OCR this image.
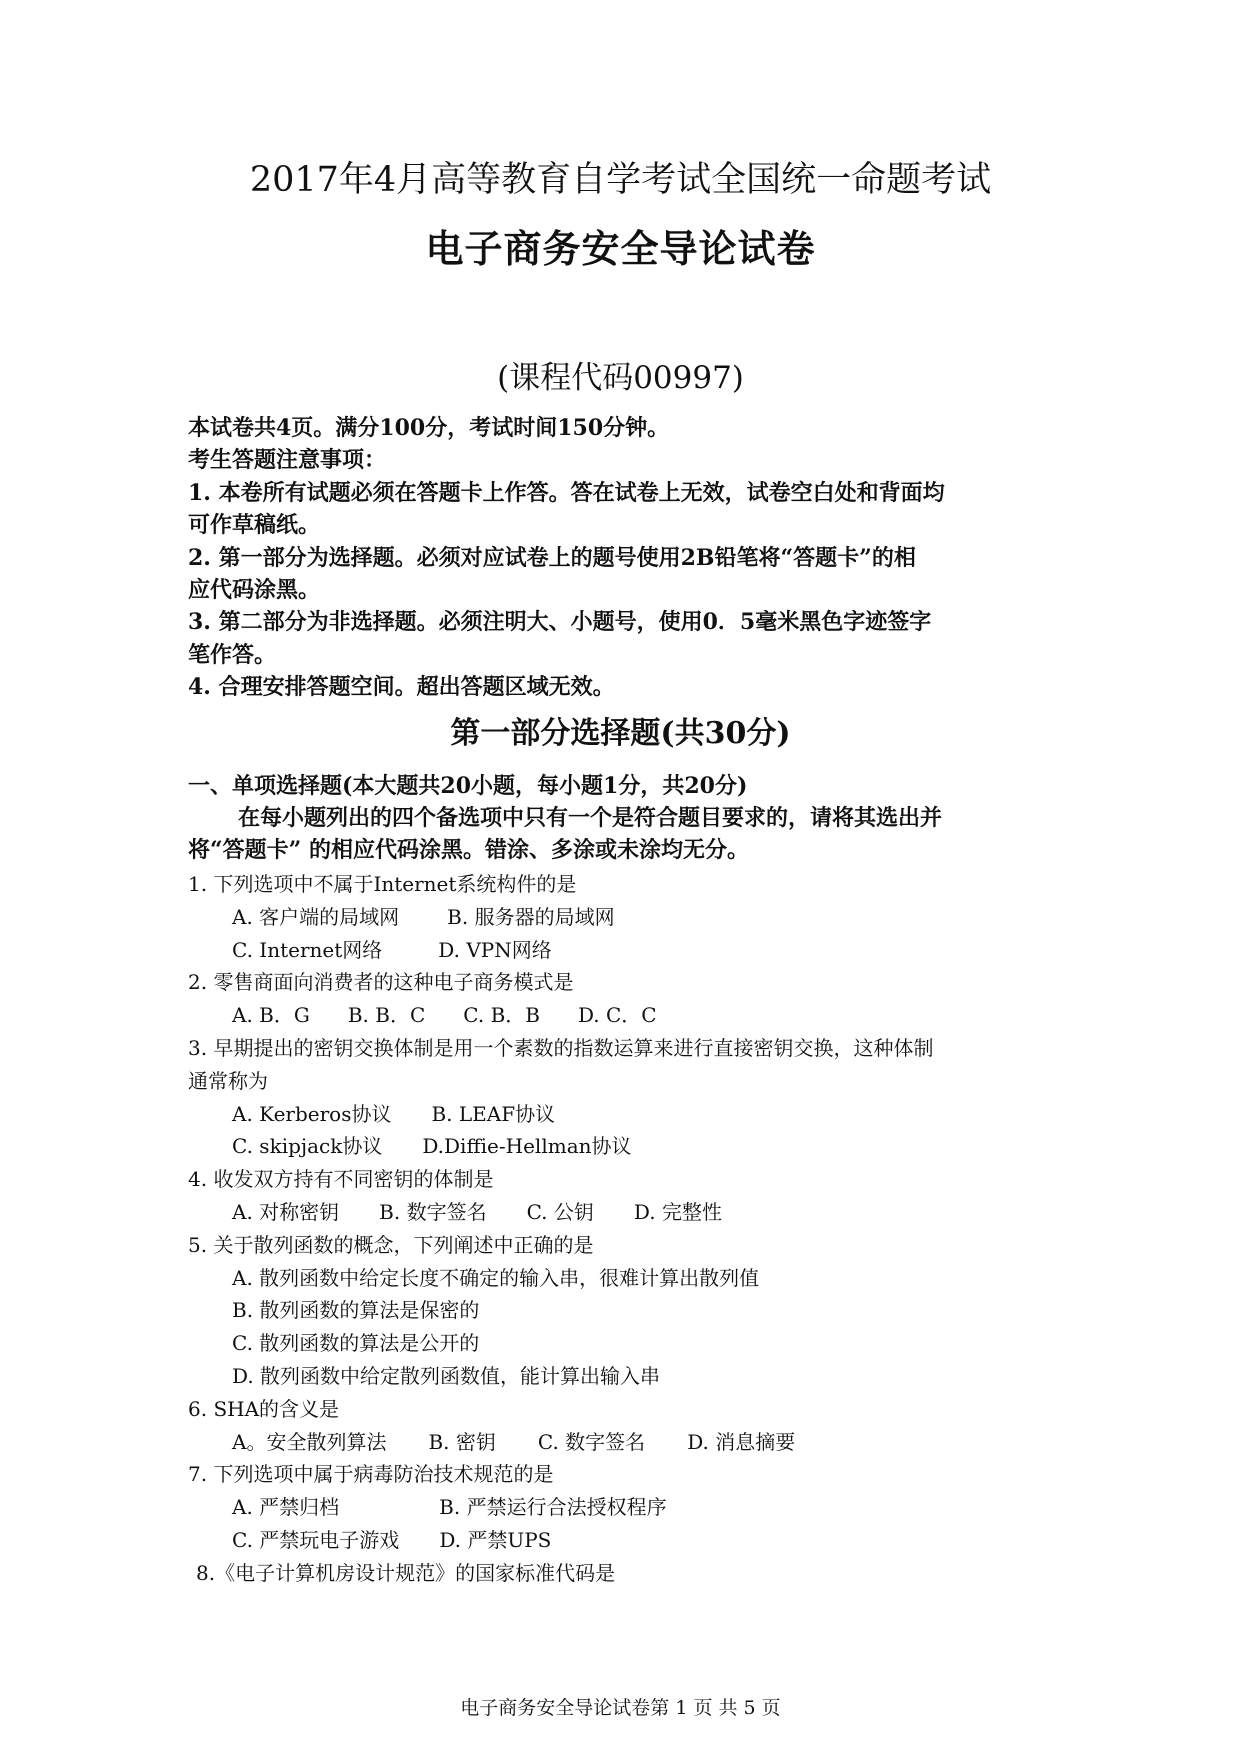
2017年4月高等教育自学考试全国统一命题考试
电子商务安全导论试卷
(课程代码00997)
本试卷共4页。满分100分，考试时间150分钟。
考生答题注意事项：
1. 本卷所有试题必须在答题卡上作答。答在试卷上无效，试卷空白处和背面均
可作草稿纸。
2. 第一部分为选择题。必须对应试卷上的题号使用2B铅笔将“答题卡”的相
应代码涂黑。
3. 第二部分为非选择题。必须注明大、小题号，使用0．5毫米黑色字迹签字
笔作答。
4. 合理安排答题空间。超出答题区域无效。
第一部分选择题(共30分)
一、单项选择题(本大题共20小题，每小题1分，共20分)
在每小题列出的四个备选项中只有一个是符合题目要求的，请将其选出并
将“答题卡” 的相应代码涂黑。错涂、多涂或未涂均无分。
1. 下列选项中不属于Internet系统构件的是
A. 客户端的局域网 B. 服务器的局域网
C. Internet网络	D. VPN网络
2. 零售商面向消费者的这种电子商务模式是
A. B．G B. B．C C. B．B D. C．C
3. 早期提出的密钥交换体制是用一个素数的指数运算来进行直接密钥交换，这种体制
通常称为
A. Kerberos协议 B. LEAF协议
C. skipjack协议 D.Diffie-Hellman协议
4. 收发双方持有不同密钥的体制是
A. 对称密钥 B. 数字签名 C. 公钥 D. 完整性
5. 关于散列函数的概念，下列阐述中正确的是
A. 散列函数中给定长度不确定的输入串，很难计算出散列值
B. 散列函数的算法是保密的
C. 散列函数的算法是公开的
D. 散列函数中给定散列函数值，能计算出输入串
6. SHA的含义是
A。安全散列算法 B. 密钥 C. 数字签名 D. 消息摘要
7. 下列选项中属于病毒防治技术规范的是
A. 严禁归档	B. 严禁运行合法授权程序
C. 严禁玩电子游戏 D. 严禁UPS
8.《电子计算机房设计规范》的国家标准代码是
电子商务安全导论试卷第 1 页 共 5 页
